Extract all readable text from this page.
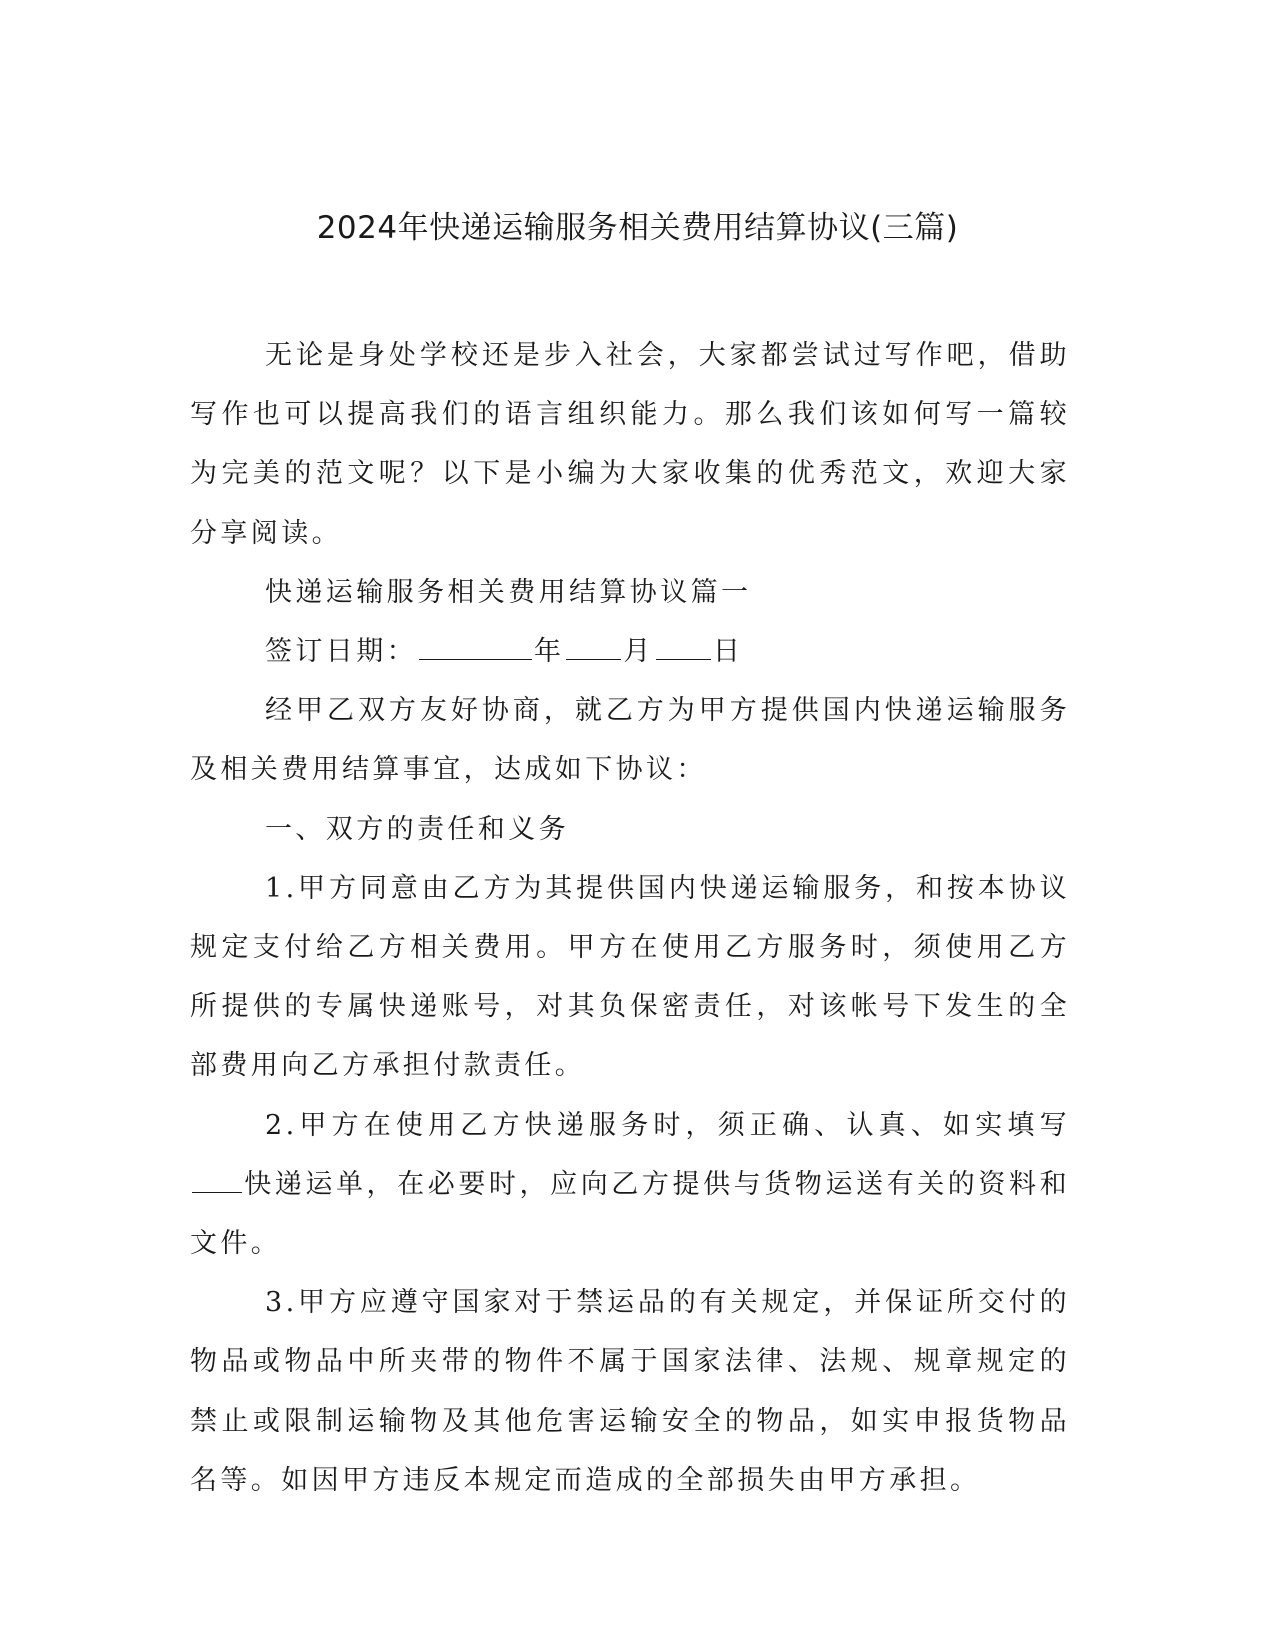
2024年快递运输服务相关费用结算协议(三篇)

无论是身处学校还是步入社会，大家都尝试过写作吧，借助写作也可以提高我们的语言组织能力。那么我们该如何写一篇较为完美的范文呢？以下是小编为大家收集的优秀范文，欢迎大家分享阅读。

快递运输服务相关费用结算协议篇一

签订日期：	年 月 日

经甲乙双方友好协商，就乙方为甲方提供国内快递运输服务及相关费用结算事宜，达成如下协议：

一、双方的责任和义务

1.甲方同意由乙方为其提供国内快递运输服务，和按本协议规定支付给乙方相关费用。甲方在使用乙方服务时，须使用乙方所提供的专属快递账号，对其负保密责任，对该帐号下发生的全部费用向乙方承担付款责任。

2.甲方在使用乙方快递服务时，须正确、认真、如实填写快递运单，在必要时，应向乙方提供与货物运送有关的资料和文件。

3.甲方应遵守国家对于禁运品的有关规定，并保证所交付的物品或物品中所夹带的物件不属于国家法律、法规、规章规定的禁止或限制运输物及其他危害运输安全的物品，如实申报货物品名等。如因甲方违反本规定而造成的全部损失由甲方承担。
